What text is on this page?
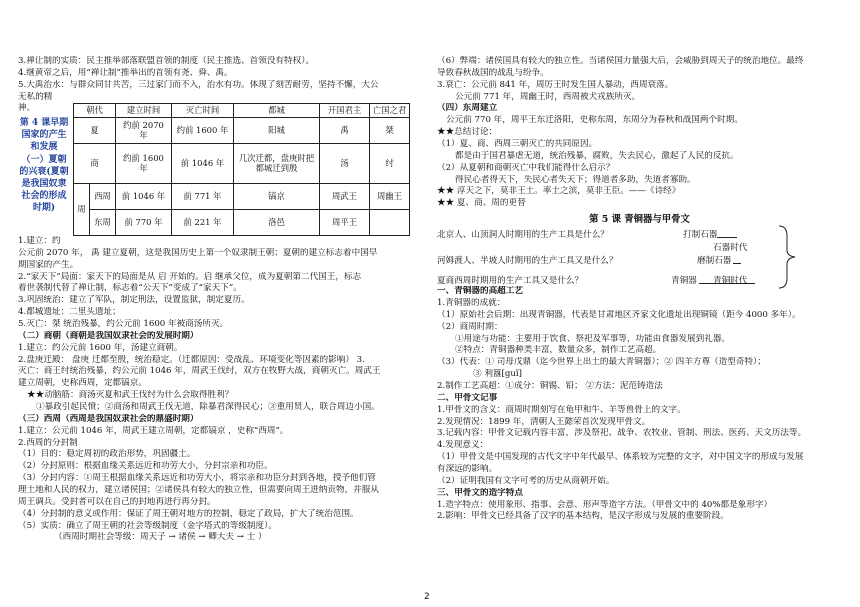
3.禅让制的实质：民主推举部落联盟首领的制度（民主推选、首领没有特权）。
4.继黄帝之后，用“禅让制”推举出的首领有尧、舜、禹。
5.大禹治水：与群众同甘共苦，三过家门而不入，治水有功。体现了刻苦耐劳，坚持不懈，大公
无私的精
神。
第 4 课早期国家的产生和发展
（一）夏朝的兴衰(夏朝是我国奴隶社会的形成时期)
朝代		建立时间	灭亡时间	都城	开国君主	亡国之君
夏		约前 2070 年	约前 1600 年	阳城	禹	桀
商		约前 1600 年	前 1046 年	几次迁都，盘庚时把都城迁到殷	汤	纣
周	西周	前 1046 年	前 771 年	镐京	周武王	周幽王
	东周	前 770 年	前 221 年	洛邑	周平王	
1.建立：约
公元前 2070 年， 禹 建立夏朝，这是我国历史上第一个奴隶制王朝；夏朝的建立标志着中国早
期国家的产生。
2.“家天下”局面：家天下的局面是从 启 开始的。启 继承父位，成为夏朝第二代国王，标志
着世袭制代替了禅让制，标志着“公天下”变成了“家天下”。
3.巩固统治：建立了军队，制定刑法，设置监狱，制定夏历。
4.都城遗址：二里头遗址；
5.灭亡：桀 统治残暴，约公元前 1600 年被商汤所灭。
（二）商朝（商朝是我国奴隶社会的发展时期）
1.建立：约公元前 1600 年，汤建立商朝。
2.盘庚迁殿： 盘庚 迁都至殷，统治稳定。（迁都原因：受战乱、环境变化等因素的影响） 3.
灭亡：商王纣统治残暴，约公元前 1046 年，周武王伐纣，双方在牧野大战，商朝灭亡。周武王
建立周朝，史称西周，定都镐京。
★★动脑筋：商汤灭夏和武王伐纣为什么会取得胜利？
①暴政引起民愤；②商汤和周武王伐无道，除暴君深得民心；③重用贤人，联合周边小国。
（三）西周（西周是我国奴隶社会的鼎盛时期）
1.建立：公元前 1046 年，周武王建立周朝，定都镐京 ，史称“西周”。
2.西周的分封制
（1）目的：稳定周初的政治形势，巩固疆土。
（2）分封原则：根据血缘关系远近和功劳大小，分封宗亲和功臣。
（3）分封内容：①周王根据血缘关系远近和功劳大小，将宗亲和功臣分封到各地，授予他们管
理土地和人民的权力，建立诸侯国；②诸侯具有较大的独立性，但需要向周王进纳贡物，并服从
周王调兵。受封者可以在自己的封地再进行再分封。
（4）分封制的意义或作用：保证了周王朝对地方的控制，稳定了政局，扩大了统治范围。
（5）实质：确立了周王朝的社会等级制度（金字塔式的等级制度）。
（西周时期社会等级：周天子 → 诸侯 → 卿大夫 → 士 ）
（6）弊端：诸侯国具有较大的独立性。当诸侯国力量强大后，会威胁到周天子的统治地位。最终
导致春秋战国的战乱与纷争。
3.衰亡：公元前 841 年，周厉王时发生国人暴动，西周衰落。
公元前 771 年，周幽王时，西周被犬戎族所灭。
（四）东周建立
公元前 770 年，周平王东迁洛阳，史称东周，东周分为春秋和战国两个时期。
★★总结讨论：
（1）夏、商、西周三朝灭亡的共同原因。
都是由于国君暴虐无道，统治残暴，腐败，失去民心，激起了人民的反抗。
（2）从夏朝和商朝灭亡中我们能得什么启示？
得民心者得天下，失民心者失天下；得道者多助，失道者寡助。
★★ 淳天之下，莫非王土。率土之滨，莫非王臣。——《诗经》
★★ 夏、商、周的更替
第 5 课 青铜器与甲骨文
北京人、山顶洞人时期用的生产工具是什么？	打制石器
石器时代
河姆渡人、半坡人时期用的生产工具又是什么？	磨制石器
夏商西周时期用的生产工具又是什么？	青铜器 青铜时代
一、青铜器的高超工艺
1.青铜器的成就：
（1）原始社会后期：出现青铜器，代表是甘肃地区齐家文化遗址出现铜镜（距今 4000 多年）。
（2）商周时期：
①用途与功能：主要用于饮食、祭祀及军事等，功能由食器发展到礼器。
②特点：青铜器种类丰富，数量众多，制作工艺高超。
（3）代表：① 司母戊鼎（迄今世界上出土的最大青铜器）；② 四羊方尊（造型奇特）；
③ 利簋[guǐ]
2.制作工艺高超：①成分：铜锡、铅； ②方法：泥范铸造法
二、甲骨文记事
1.甲骨文的含义：商周时期刻写在龟甲和牛、羊等兽骨上的文字。
2.发现情况：1899 年，清朝人王懿荣首次发现甲骨文。
3.记载内容：甲骨文记载内容丰富，涉及祭祀、战争、农牧业、管制、刑法、医药、天文历法等。
4.发现意义：
（1）甲骨文是中国发现的古代文字中年代最早、体系较为完整的文字，对中国文字的形成与发展
有深远的影响。
（2）证明我国有文字可考的历史从商朝开始。
三、甲骨文的造字特点
1.造字特点：使用象形、指事、会意、形声等造字方法。（甲骨文中的 40%都是象形字）
2.影响：甲骨文已经具备了汉字的基本结构，是汉字形成与发展的重要阶段。
2
